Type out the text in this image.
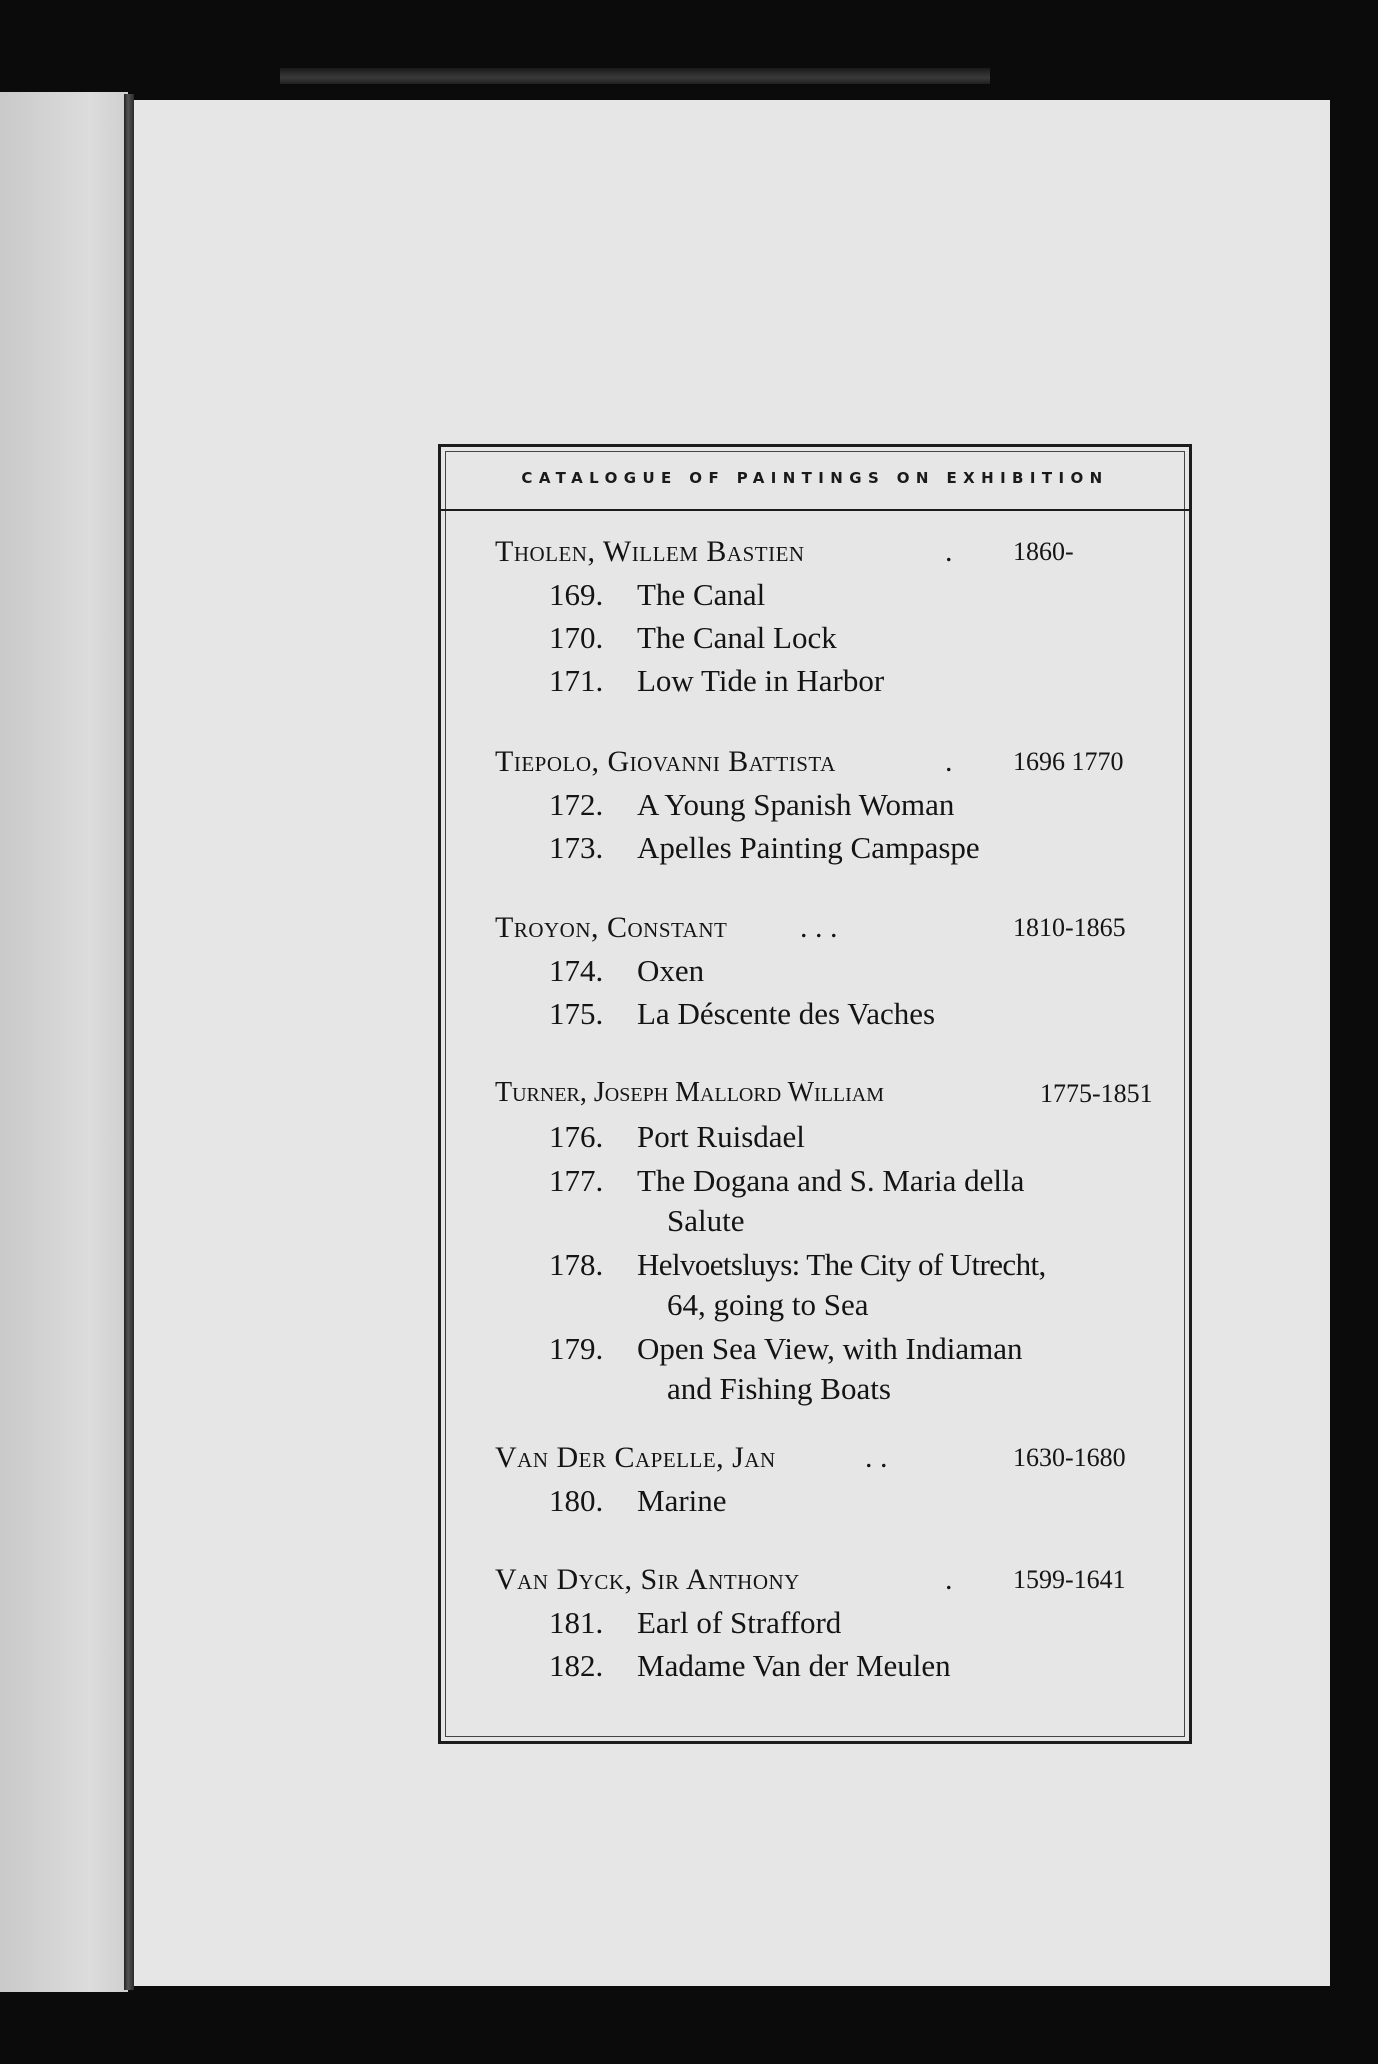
CATALOGUE OF PAINTINGS ON EXHIBITION
Tholen, Willem Bastien	. 1860-
169. The Canal
170. The Canal Lock
171. Low Tide in Harbor
Tiepolo, Giovanni Battista	. 1696 1770
172. A Young Spanish Woman
173. Apelles Painting Campaspe
Troyon, Constant . . .	1810-1865
174. Oxen
175. La Déscente des Vaches
Turner, Joseph Mallord William	1775-1851
176. Port Ruisdael
177. The Dogana and S. Maria della
Salute
178. Helvoetsluys: The City of Utrecht,
64, going to Sea
179. Open Sea View, with Indiaman
and Fishing Boats
Van Der Capelle, Jan	. .	1630-1680
180. Marine
Van Dyck, Sir Anthony	. 1599-1641
181. Earl of Strafford
182. Madame Van der Meulen
